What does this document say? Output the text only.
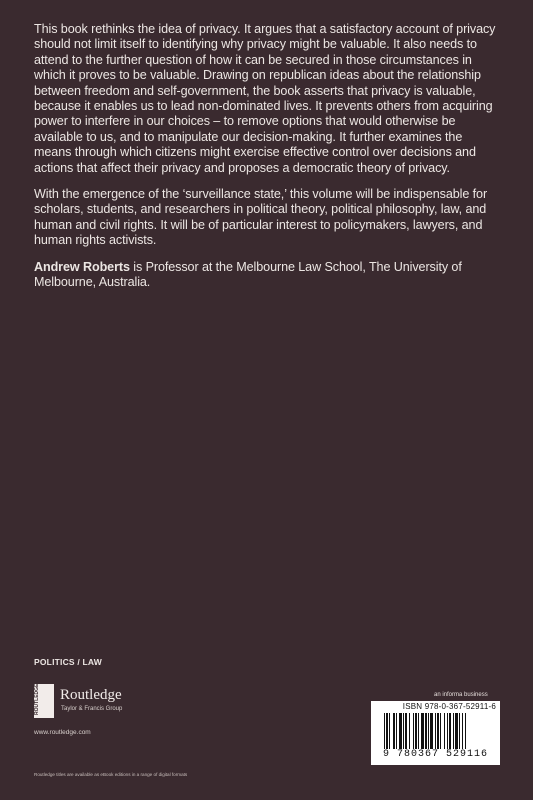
This book rethinks the idea of privacy. It argues that a satisfactory account of privacy should not limit itself to identifying why privacy might be valuable. It also needs to attend to the further question of how it can be secured in those circumstances in which it proves to be valuable. Drawing on republican ideas about the relationship between freedom and self-government, the book asserts that privacy is valuable, because it enables us to lead non-dominated lives. It prevents others from acquiring power to interfere in our choices – to remove options that would otherwise be available to us, and to manipulate our decision-making. It further examines the means through which citizens might exercise effective control over decisions and actions that affect their privacy and proposes a democratic theory of privacy.

With the emergence of the ‘surveillance state,’ this volume will be indispensable for scholars, students, and researchers in political theory, political philosophy, law, and human and civil rights. It will be of particular interest to policymakers, lawyers, and human rights activists.

Andrew Roberts is Professor at the Melbourne Law School, The University of Melbourne, Australia.

POLITICS / LAW
ROUTLEDGE	Routledge
Taylor & Francis Group
www.routledge.com
Routledge titles are available as eBook editions in a range of digital formats
an informa business
ISBN 978-0-367-52911-6
9 780367 529116
